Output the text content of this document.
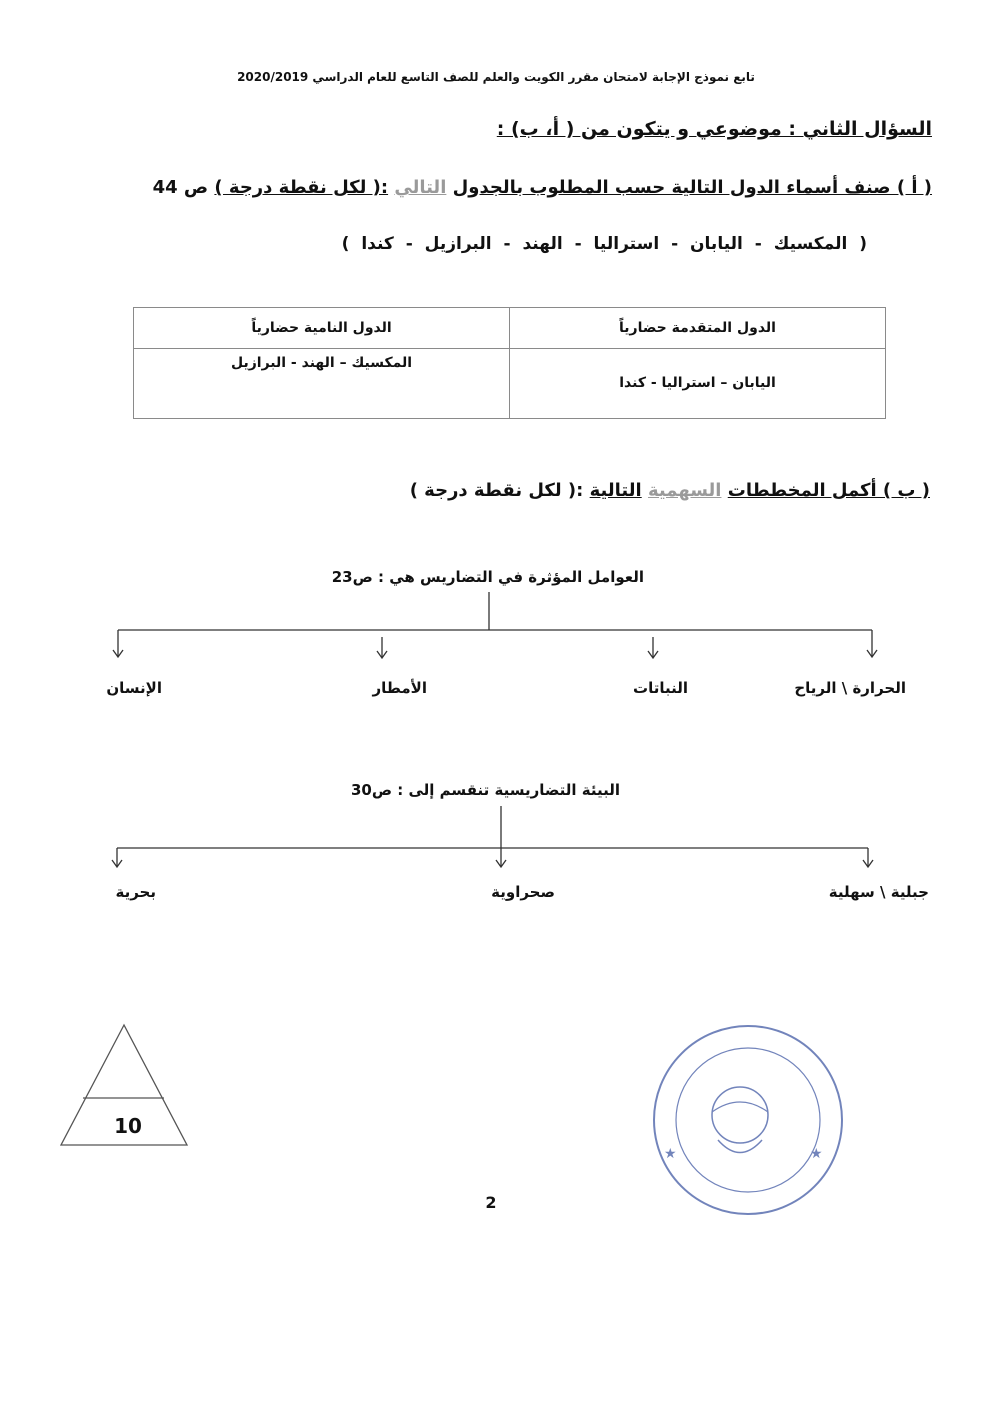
تابع نموذج الإجابة لامتحان مقرر الكويت والعلم للصف التاسع للعام الدراسي 2020/2019
السؤال الثاني : موضوعي و يتكون من ( أ، ب) :
( أ ) صنف أسماء الدول التالية حسب المطلوب بالجدول التالي :( لكل نقطة درجة ) ص 44
( المكسيك - اليابان - استراليا - الهند - البرازيل - كندا )
الدول المتقدمة حضارياً	الدول النامية حضارياً
اليابان – استراليا - كندا	المكسيك – الهند - البرازيل
( ب ) أكمل المخططات السهمية التالية :( لكل نقطة درجة )
★
★
العوامل المؤثرة في التضاريس هي : ص23
الحرارة \ الرياح
النباتات
الأمطار
الإنسان
البيئة التضاريسية تنقسم إلى : ص30
جبلية \ سهلية
صحراوية
بحرية
10
2
